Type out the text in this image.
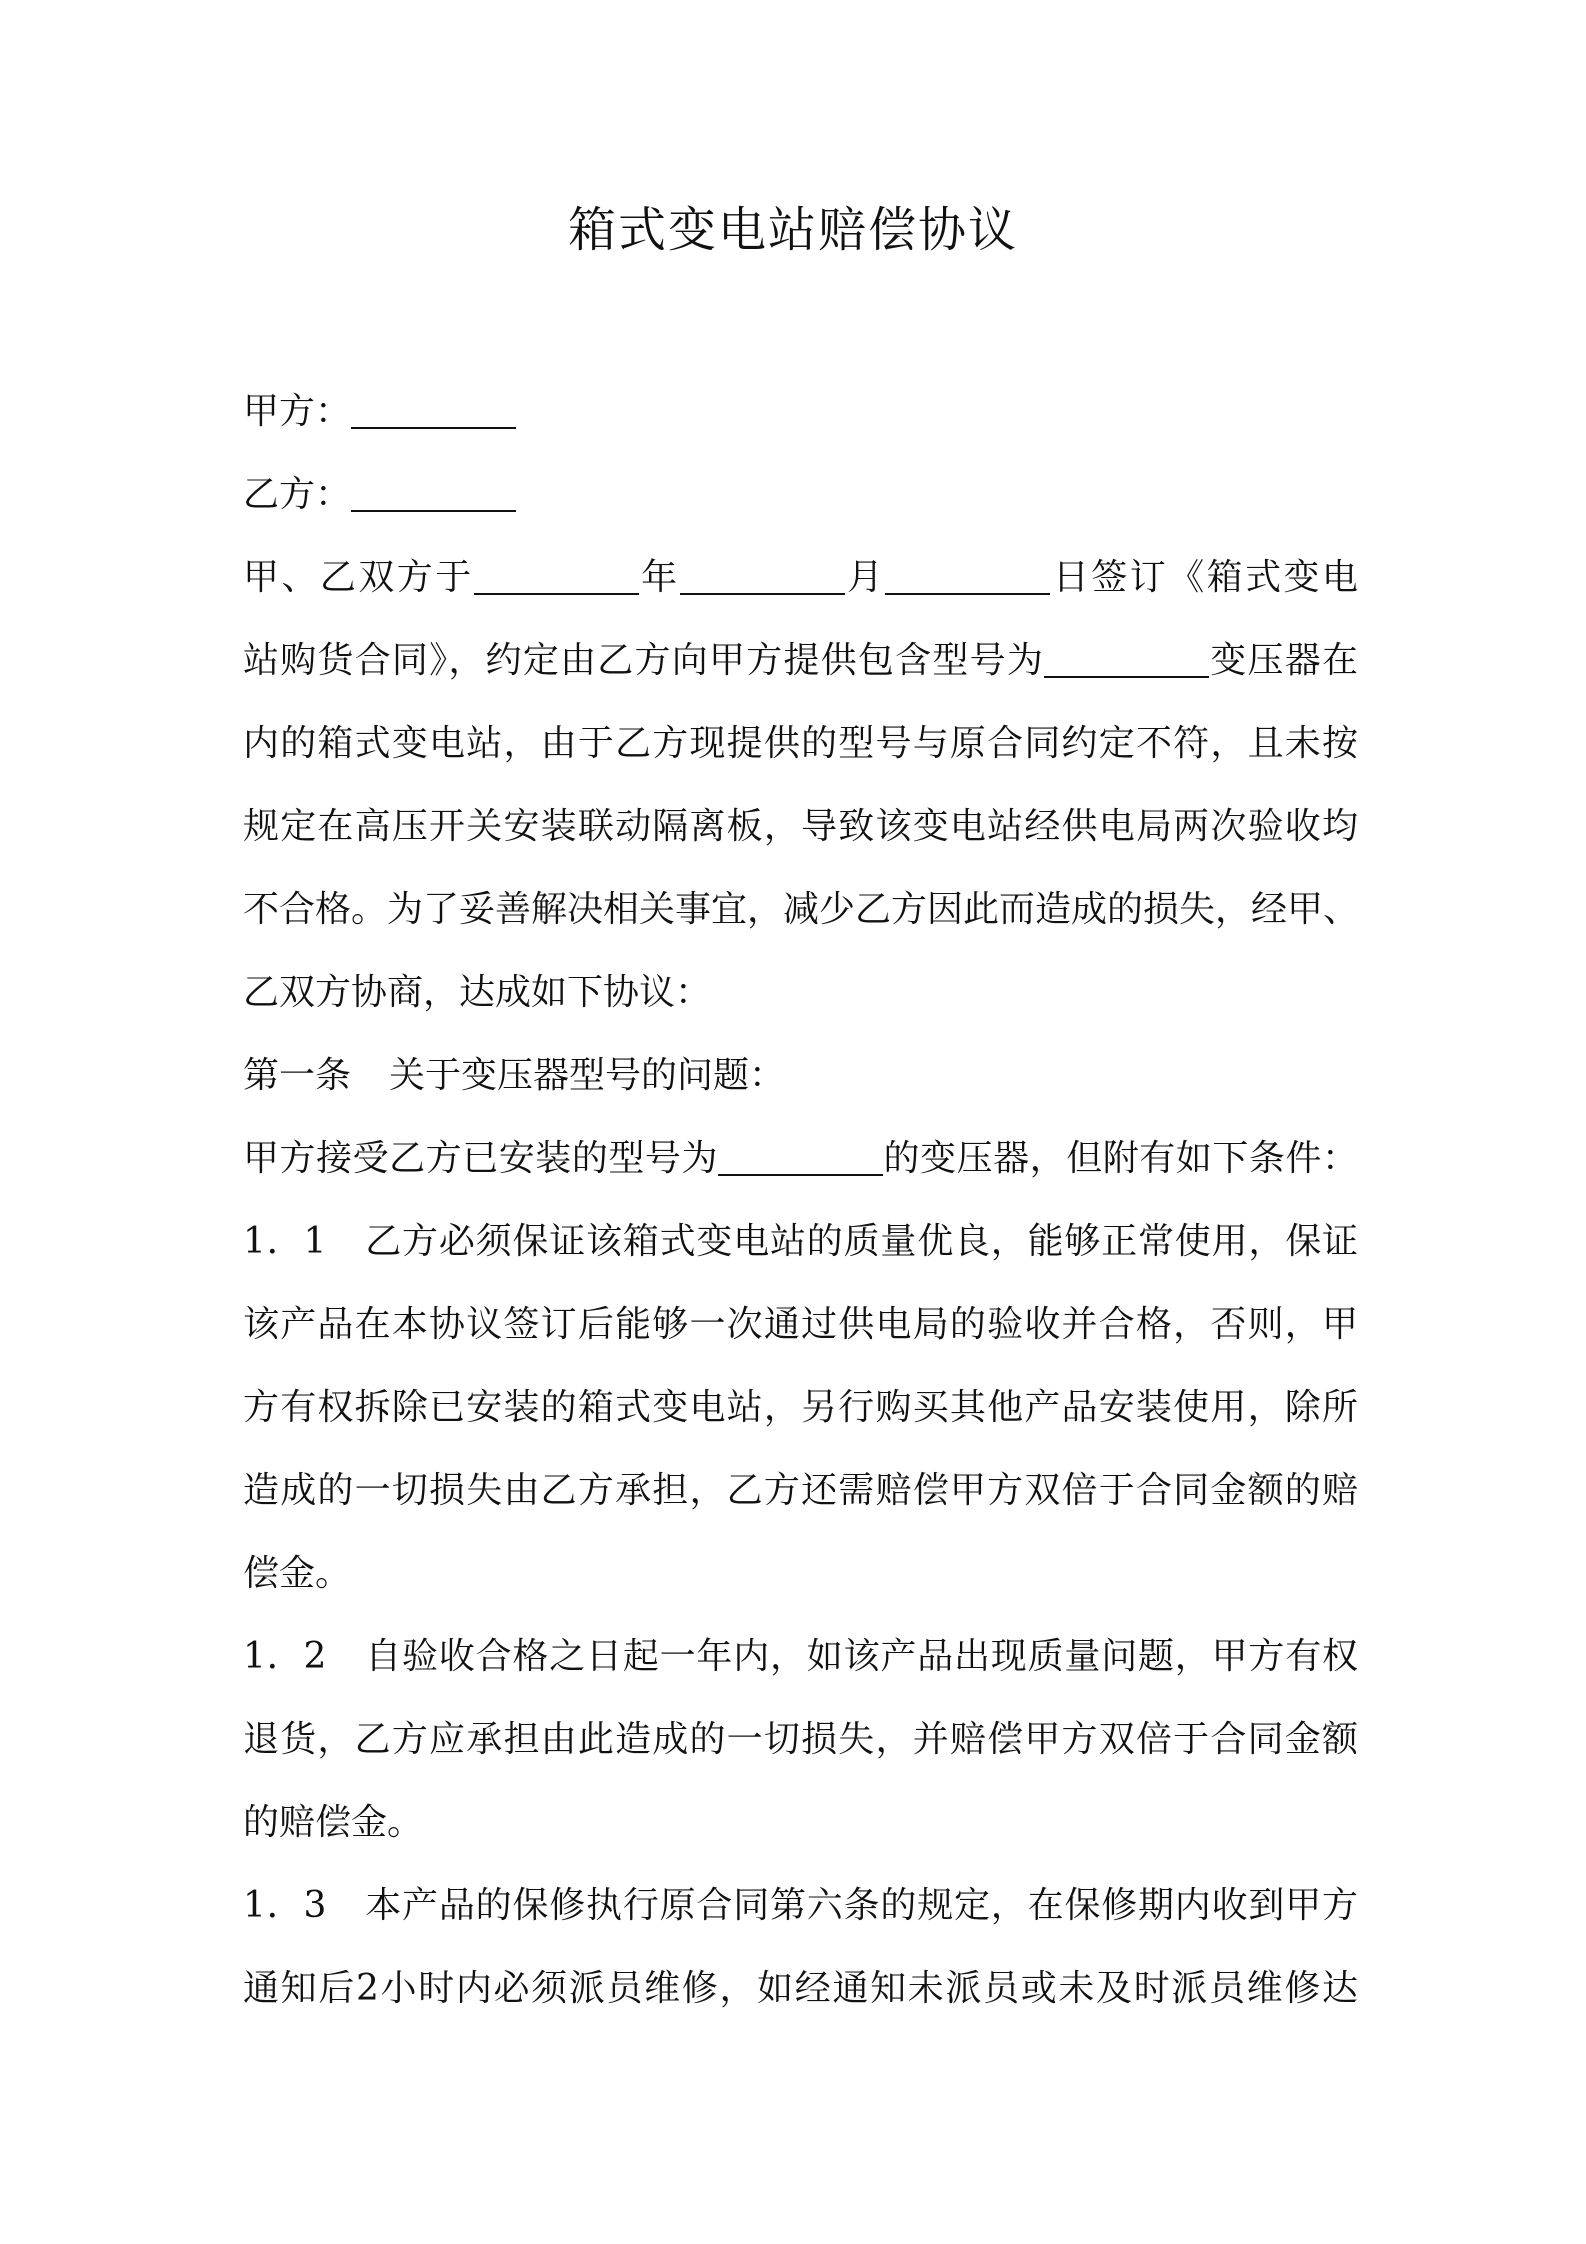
箱式变电站赔偿协议
甲方：
乙方：
甲、乙双方于	年	月	日签订《箱式变电
站购货合同》，约定由乙方向甲方提供包含型号为	变压器在
内的箱式变电站，由于乙方现提供的型号与原合同约定不符，且未按
规定在高压开关安装联动隔离板，导致该变电站经供电局两次验收均
不合格。为了妥善解决相关事宜，减少乙方因此而造成的损失，经甲、
乙双方协商，达成如下协议：
第一条 关于变压器型号的问题：
甲方接受乙方已安装的型号为	的变压器，但附有如下条件：
1．1 乙方必须保证该箱式变电站的质量优良，能够正常使用，保证
该产品在本协议签订后能够一次通过供电局的验收并合格，否则，甲
方有权拆除已安装的箱式变电站，另行购买其他产品安装使用，除所
造成的一切损失由乙方承担，乙方还需赔偿甲方双倍于合同金额的赔
偿金。
1．2 自验收合格之日起一年内，如该产品出现质量问题，甲方有权
退货，乙方应承担由此造成的一切损失，并赔偿甲方双倍于合同金额
的赔偿金。
1．3 本产品的保修执行原合同第六条的规定，在保修期内收到甲方
通知后2小时内必须派员维修，如经通知未派员或未及时派员维修达
